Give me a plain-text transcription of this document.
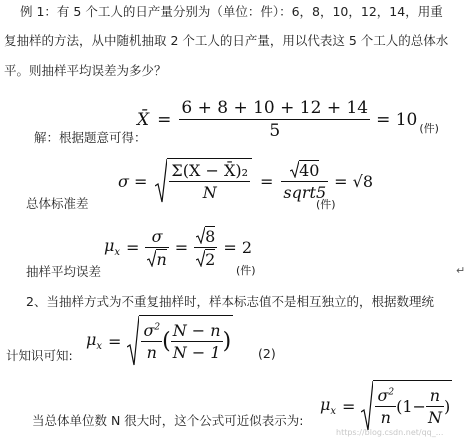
例 1：有 5 个工人的日产量分别为（单位：件）：6，8，10，12，14，用重
复抽样的方法，从中随机抽取 2 个工人的日产量，用以代表这 5 个工人的总体水
平。则抽样平均误差为多少？
X̄ = $\frac{6 + 8 + 10 + 12 + 14}{5} = 10$ (件)
解：根据题意可得：
$\sigma = \frac{\text{Σ(X − X̄)₂}}{N} = \frac{40}{\text{sqrt5}} = √8$
总体标准差	(件)
$\mu_x = \frac{\sigma}{n} = \frac{8}{2} = 2$
抽样平均误差	(件)	↵
2、当抽样方式为不重复抽样时，样本标志值不是相互独立的，根据数理统
$\mu_x = \frac{\sigma^2}{n}$ ( $\frac{N - n}{N - 1}$ )
计知识可知:	(2)
$\mu_x = \frac{\sigma^2}{n} (1- \frac{n}{N}$ )
当总体单位数 N 很大时，这个公式可近似表示为:
https://blog.csdn.net/qq_...
